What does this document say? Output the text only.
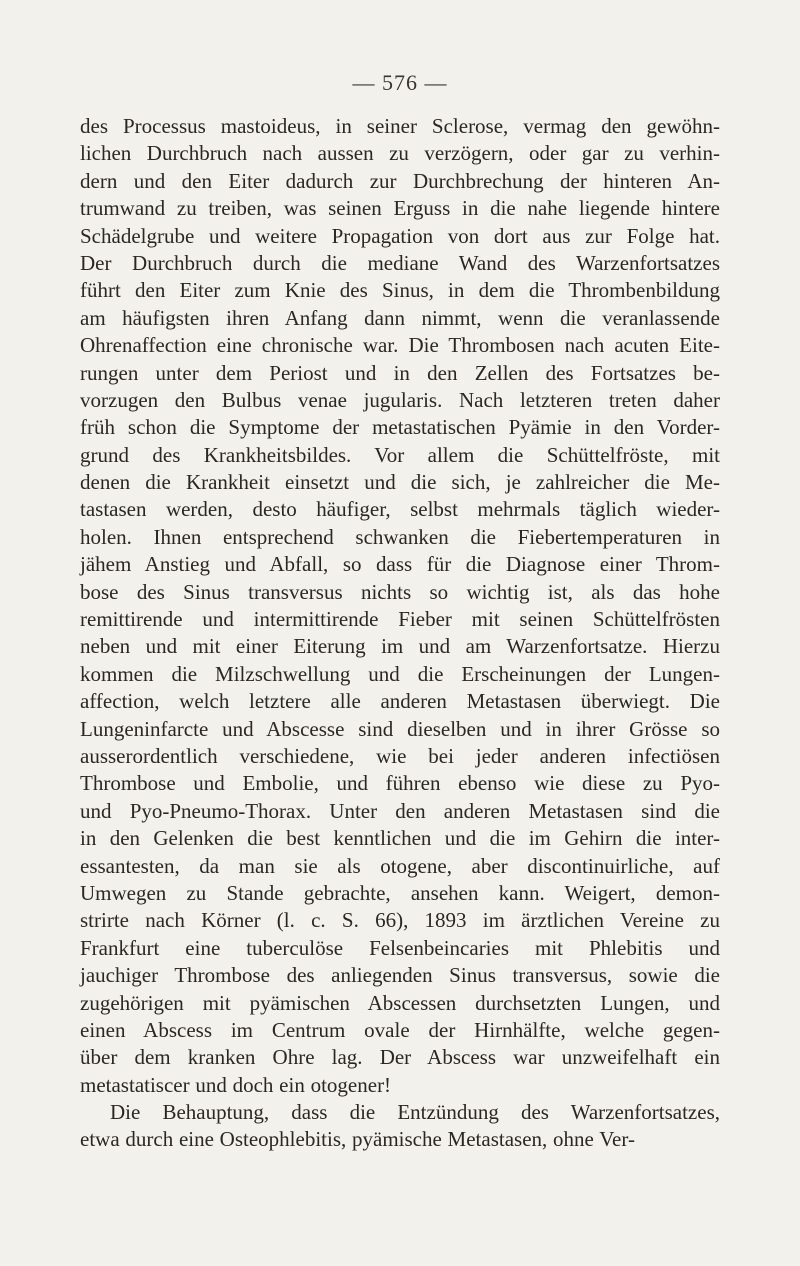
— 576 —
des Processus mastoideus, in seiner Sclerose, vermag den gewöhn-
lichen Durchbruch nach aussen zu verzögern, oder gar zu verhin-
dern und den Eiter dadurch zur Durchbrechung der hinteren An-
trumwand zu treiben, was seinen Erguss in die nahe liegende hintere
Schädelgrube und weitere Propagation von dort aus zur Folge hat.
Der Durchbruch durch die mediane Wand des Warzenfortsatzes
führt den Eiter zum Knie des Sinus, in dem die Thrombenbildung
am häufigsten ihren Anfang dann nimmt, wenn die veranlassende
Ohrenaffection eine chronische war. Die Thrombosen nach acuten Eite-
rungen unter dem Periost und in den Zellen des Fortsatzes be-
vorzugen den Bulbus venae jugularis. Nach letzteren treten daher
früh schon die Symptome der metastatischen Pyämie in den Vorder-
grund des Krankheitsbildes. Vor allem die Schüttelfröste, mit
denen die Krankheit einsetzt und die sich, je zahlreicher die Me-
tastasen werden, desto häufiger, selbst mehrmals täglich wieder-
holen. Ihnen entsprechend schwanken die Fiebertemperaturen in
jähem Anstieg und Abfall, so dass für die Diagnose einer Throm-
bose des Sinus transversus nichts so wichtig ist, als das hohe
remittirende und intermittirende Fieber mit seinen Schüttelfrösten
neben und mit einer Eiterung im und am Warzenfortsatze. Hierzu
kommen die Milzschwellung und die Erscheinungen der Lungen-
affection, welch letztere alle anderen Metastasen überwiegt. Die
Lungeninfarcte und Abscesse sind dieselben und in ihrer Grösse so
ausserordentlich verschiedene, wie bei jeder anderen infectiösen
Thrombose und Embolie, und führen ebenso wie diese zu Pyo-
und Pyo-Pneumo-Thorax. Unter den anderen Metastasen sind die
in den Gelenken die best kenntlichen und die im Gehirn die inter-
essantesten, da man sie als otogene, aber discontinuirliche, auf
Umwegen zu Stande gebrachte, ansehen kann. Weigert, demon-
strirte nach Körner (l. c. S. 66), 1893 im ärztlichen Vereine zu
Frankfurt eine tuberculöse Felsenbeincaries mit Phlebitis und
jauchiger Thrombose des anliegenden Sinus transversus, sowie die
zugehörigen mit pyämischen Abscessen durchsetzten Lungen, und
einen Abscess im Centrum ovale der Hirnhälfte, welche gegen-
über dem kranken Ohre lag. Der Abscess war unzweifelhaft ein
metastatiscer und doch ein otogener!
Die Behauptung, dass die Entzündung des Warzenfortsatzes,
etwa durch eine Osteophlebitis, pyämische Metastasen, ohne Ver-
